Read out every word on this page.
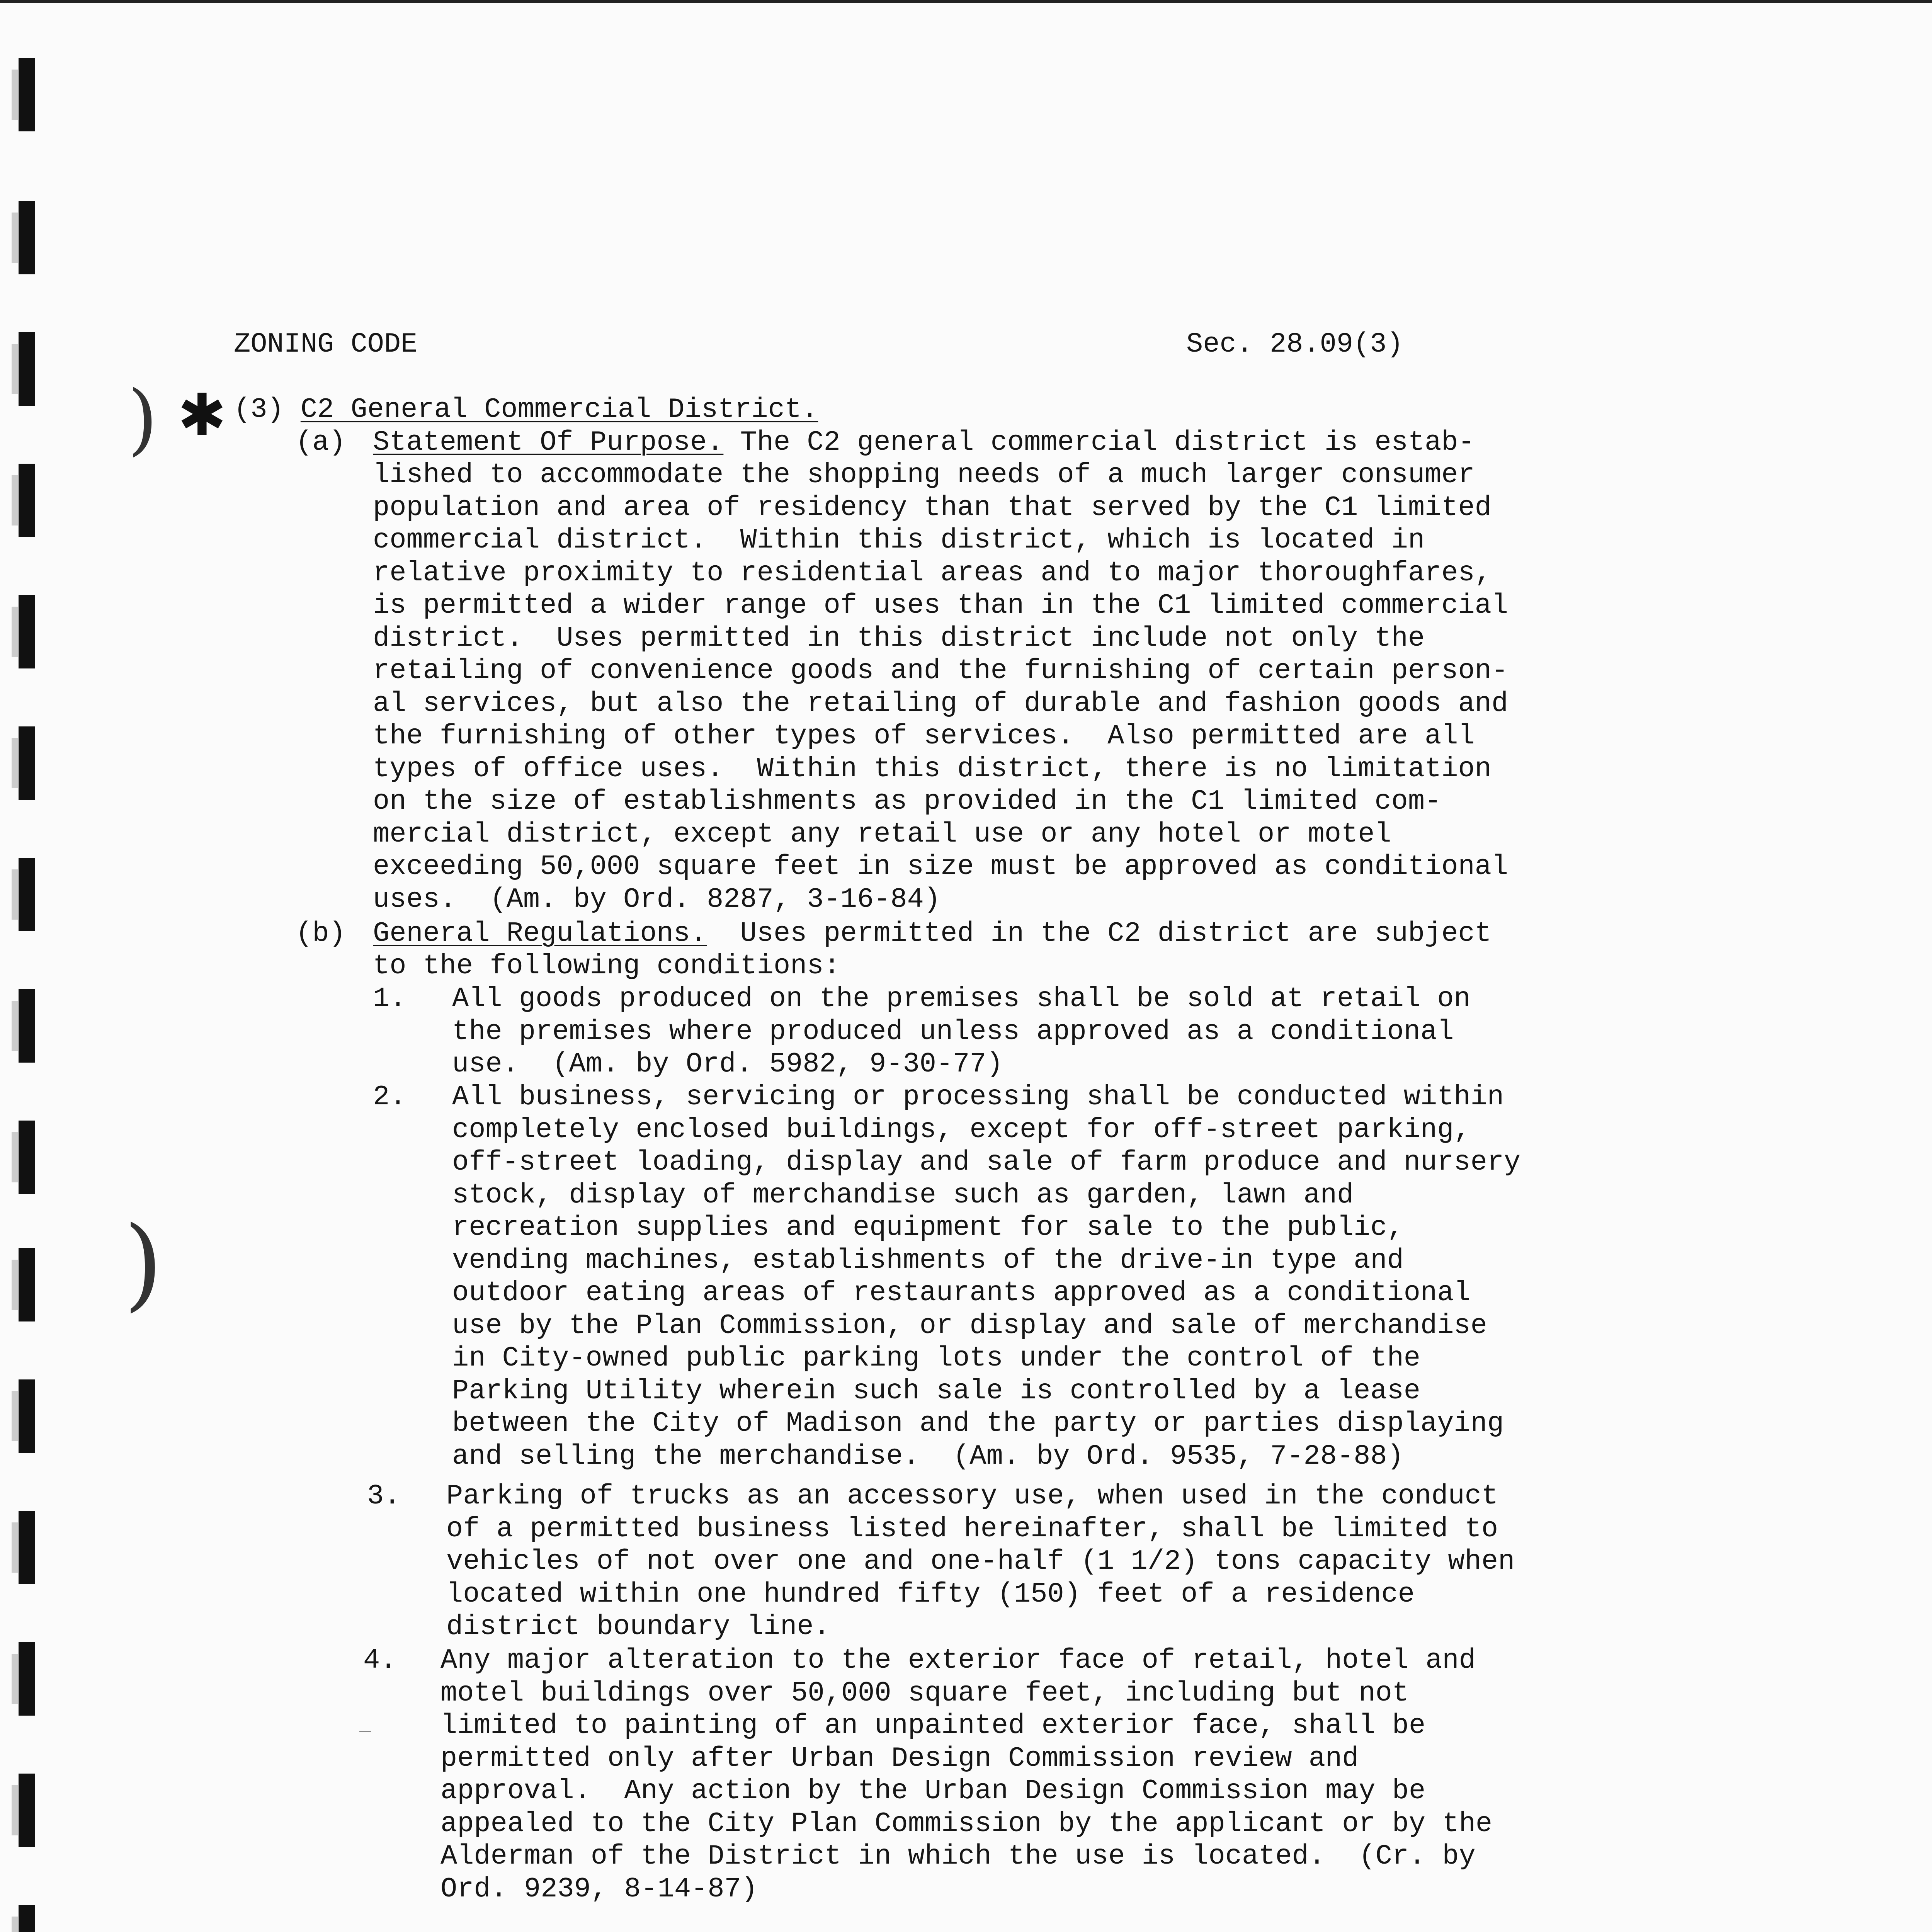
ZONING CODE	Sec. 28.09(3)
) ✱
)
(3) C2 General Commercial District.
(a) Statement Of Purpose. The C2 general commercial district is estab-
lished to accommodate the shopping needs of a much larger consumer
population and area of residency than that served by the C1 limited
commercial district.  Within this district, which is located in
relative proximity to residential areas and to major thoroughfares,
is permitted a wider range of uses than in the C1 limited commercial
district.  Uses permitted in this district include not only the
retailing of convenience goods and the furnishing of certain person-
al services, but also the retailing of durable and fashion goods and
the furnishing of other types of services.  Also permitted are all
types of office uses.  Within this district, there is no limitation
on the size of establishments as provided in the C1 limited com-
mercial district, except any retail use or any hotel or motel
exceeding 50,000 square feet in size must be approved as conditional
uses.  (Am. by Ord. 8287, 3-16-84)
(b) General Regulations.  Uses permitted in the C2 district are subject
to the following conditions:
1. All goods produced on the premises shall be sold at retail on
the premises where produced unless approved as a conditional
use.  (Am. by Ord. 5982, 9-30-77)
2. All business, servicing or processing shall be conducted within
completely enclosed buildings, except for off-street parking,
off-street loading, display and sale of farm produce and nursery
stock, display of merchandise such as garden, lawn and
recreation supplies and equipment for sale to the public,
vending machines, establishments of the drive-in type and
outdoor eating areas of restaurants approved as a conditional
use by the Plan Commission, or display and sale of merchandise
in City-owned public parking lots under the control of the
Parking Utility wherein such sale is controlled by a lease
between the City of Madison and the party or parties displaying
and selling the merchandise.  (Am. by Ord. 9535, 7-28-88)
3. Parking of trucks as an accessory use, when used in the conduct
of a permitted business listed hereinafter, shall be limited to
vehicles of not over one and one-half (1 1/2) tons capacity when
located within one hundred fifty (150) feet of a residence
district boundary line.
4. Any major alteration to the exterior face of retail, hotel and
motel buildings over 50,000 square feet, including but not
limited to painting of an unpainted exterior face, shall be
permitted only after Urban Design Commission review and
approval.  Any action by the Urban Design Commission may be
appealed to the City Plan Commission by the applicant or by the
Alderman of the District in which the use is located.  (Cr. by
Ord. 9239, 8-14-87)
